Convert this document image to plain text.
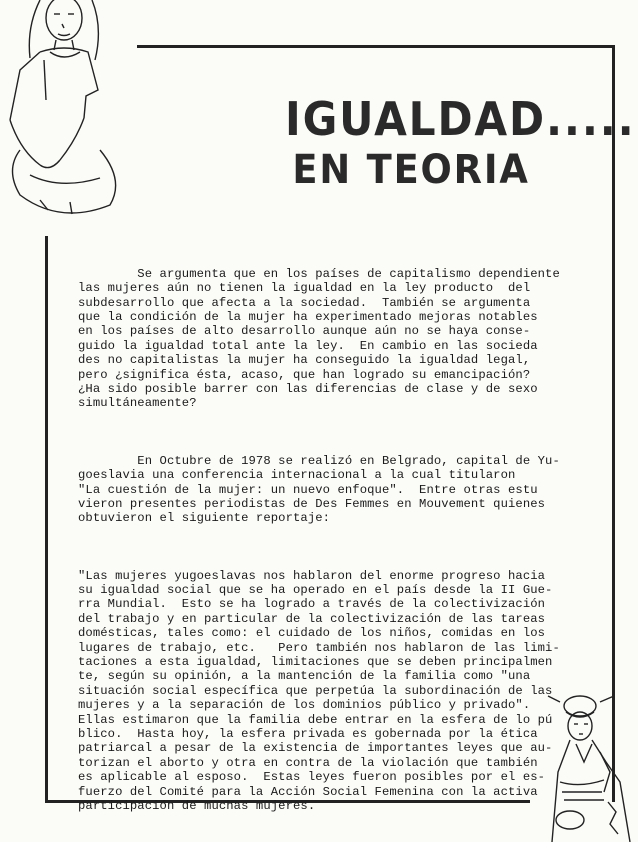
IGUALDAD.....
EN TEORIA

Se argumenta que en los países de capitalismo dependiente
las mujeres aún no tienen la igualdad en la ley producto  del
subdesarrollo que afecta a la sociedad.  También se argumenta
que la condición de la mujer ha experimentado mejoras notables
en los países de alto desarrollo aunque aún no se haya conse-
guido la igualdad total ante la ley.  En cambio en las socieda
des no capitalistas la mujer ha conseguido la igualdad legal,
pero ¿significa ésta, acaso, que han logrado su emancipación?
¿Ha sido posible barrer con las diferencias de clase y de sexo
simultáneamente?

En Octubre de 1978 se realizó en Belgrado, capital de Yu-
goeslavia una conferencia internacional a la cual titularon
"La cuestión de la mujer: un nuevo enfoque".  Entre otras estu
vieron presentes periodistas de Des Femmes en Mouvement quienes
obtuvieron el siguiente reportaje:

"Las mujeres yugoeslavas nos hablaron del enorme progreso hacia
su igualdad social que se ha operado en el país desde la II Gue-
rra Mundial.  Esto se ha logrado a través de la colectivización
del trabajo y en particular de la colectivización de las tareas
domésticas, tales como: el cuidado de los niños, comidas en los
lugares de trabajo, etc.   Pero también nos hablaron de las limi-
taciones a esta igualdad, limitaciones que se deben principalmen
te, según su opinión, a la mantención de la familia como "una
situación social específica que perpetúa la subordinación de las
mujeres y a la separación de los dominios público y privado".
Ellas estimaron que la familia debe entrar en la esfera de lo pú
blico.  Hasta hoy, la esfera privada es gobernada por la ética
patriarcal a pesar de la existencia de importantes leyes que au-
torizan el aborto y otra en contra de la violación que también
es aplicable al esposo.  Estas leyes fueron posibles por el es-
fuerzo del Comité para la Acción Social Femenina con la activa
participación de muchas mujeres.
